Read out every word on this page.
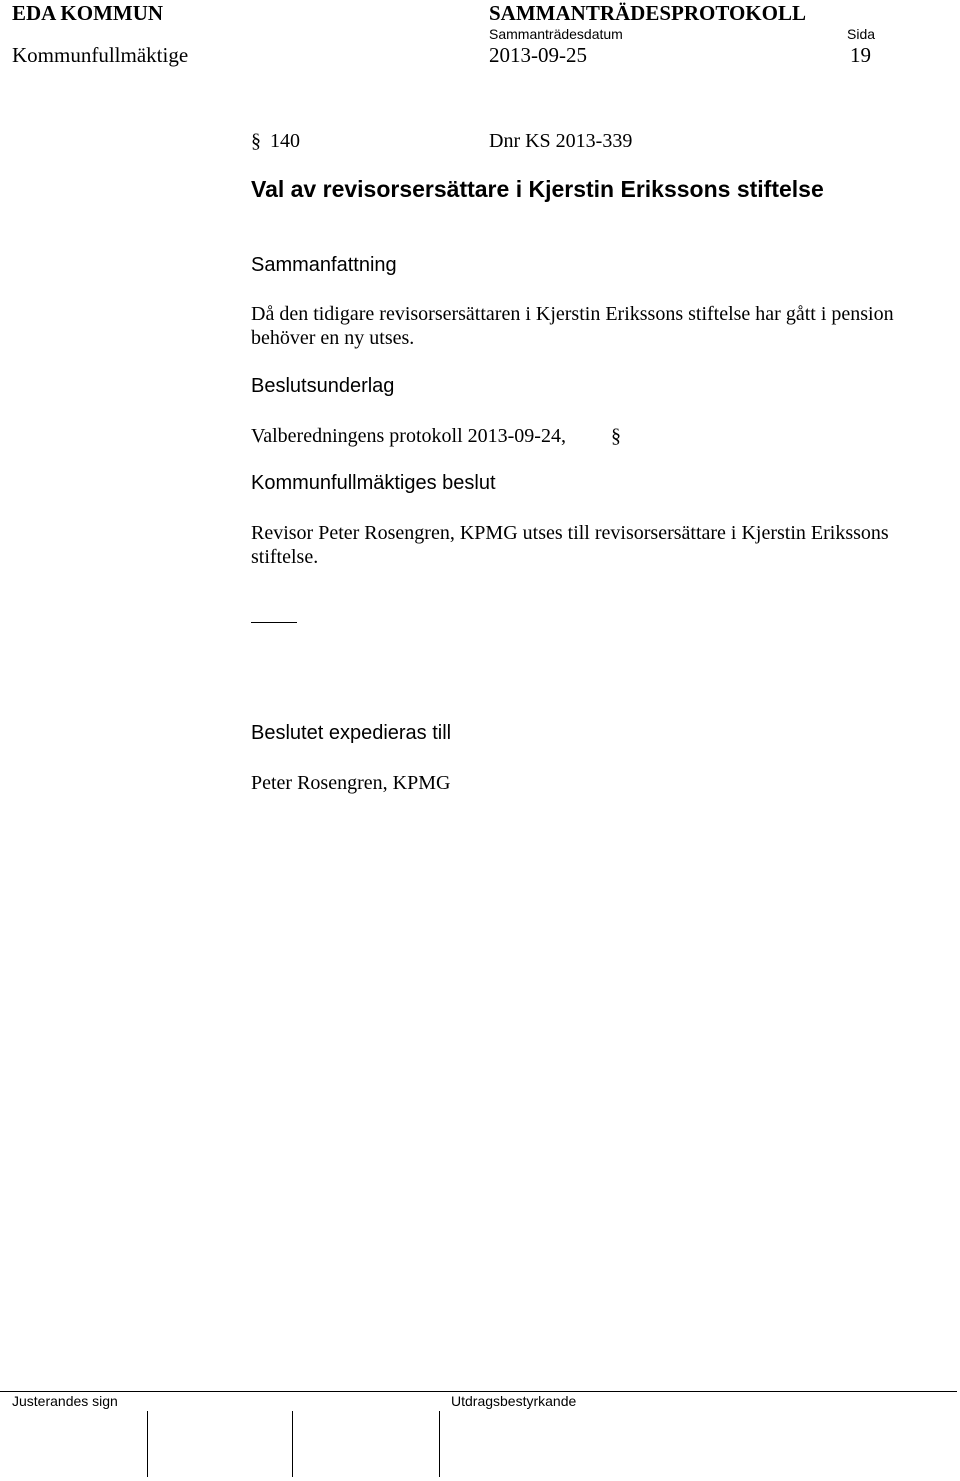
EDA KOMMUN	SAMMANTRÄDESPROTOKOLL
Sammanträdesdatum	Sida
Kommunfullmäktige	2013-09-25	19
§ 140	Dnr KS 2013-339
Val av revisorsersättare i Kjerstin Erikssons stiftelse
Sammanfattning
Då den tidigare revisorsersättaren i Kjerstin Erikssons stiftelse har gått i pension behöver en ny utses.
Beslutsunderlag
Valberedningens protokoll 2013-09-24, §
Kommunfullmäktiges beslut
Revisor Peter Rosengren, KPMG utses till revisorsersättare i Kjerstin Erikssons stiftelse.
Beslutet expedieras till
Peter Rosengren, KPMG
Justerandes sign	Utdragsbestyrkande
